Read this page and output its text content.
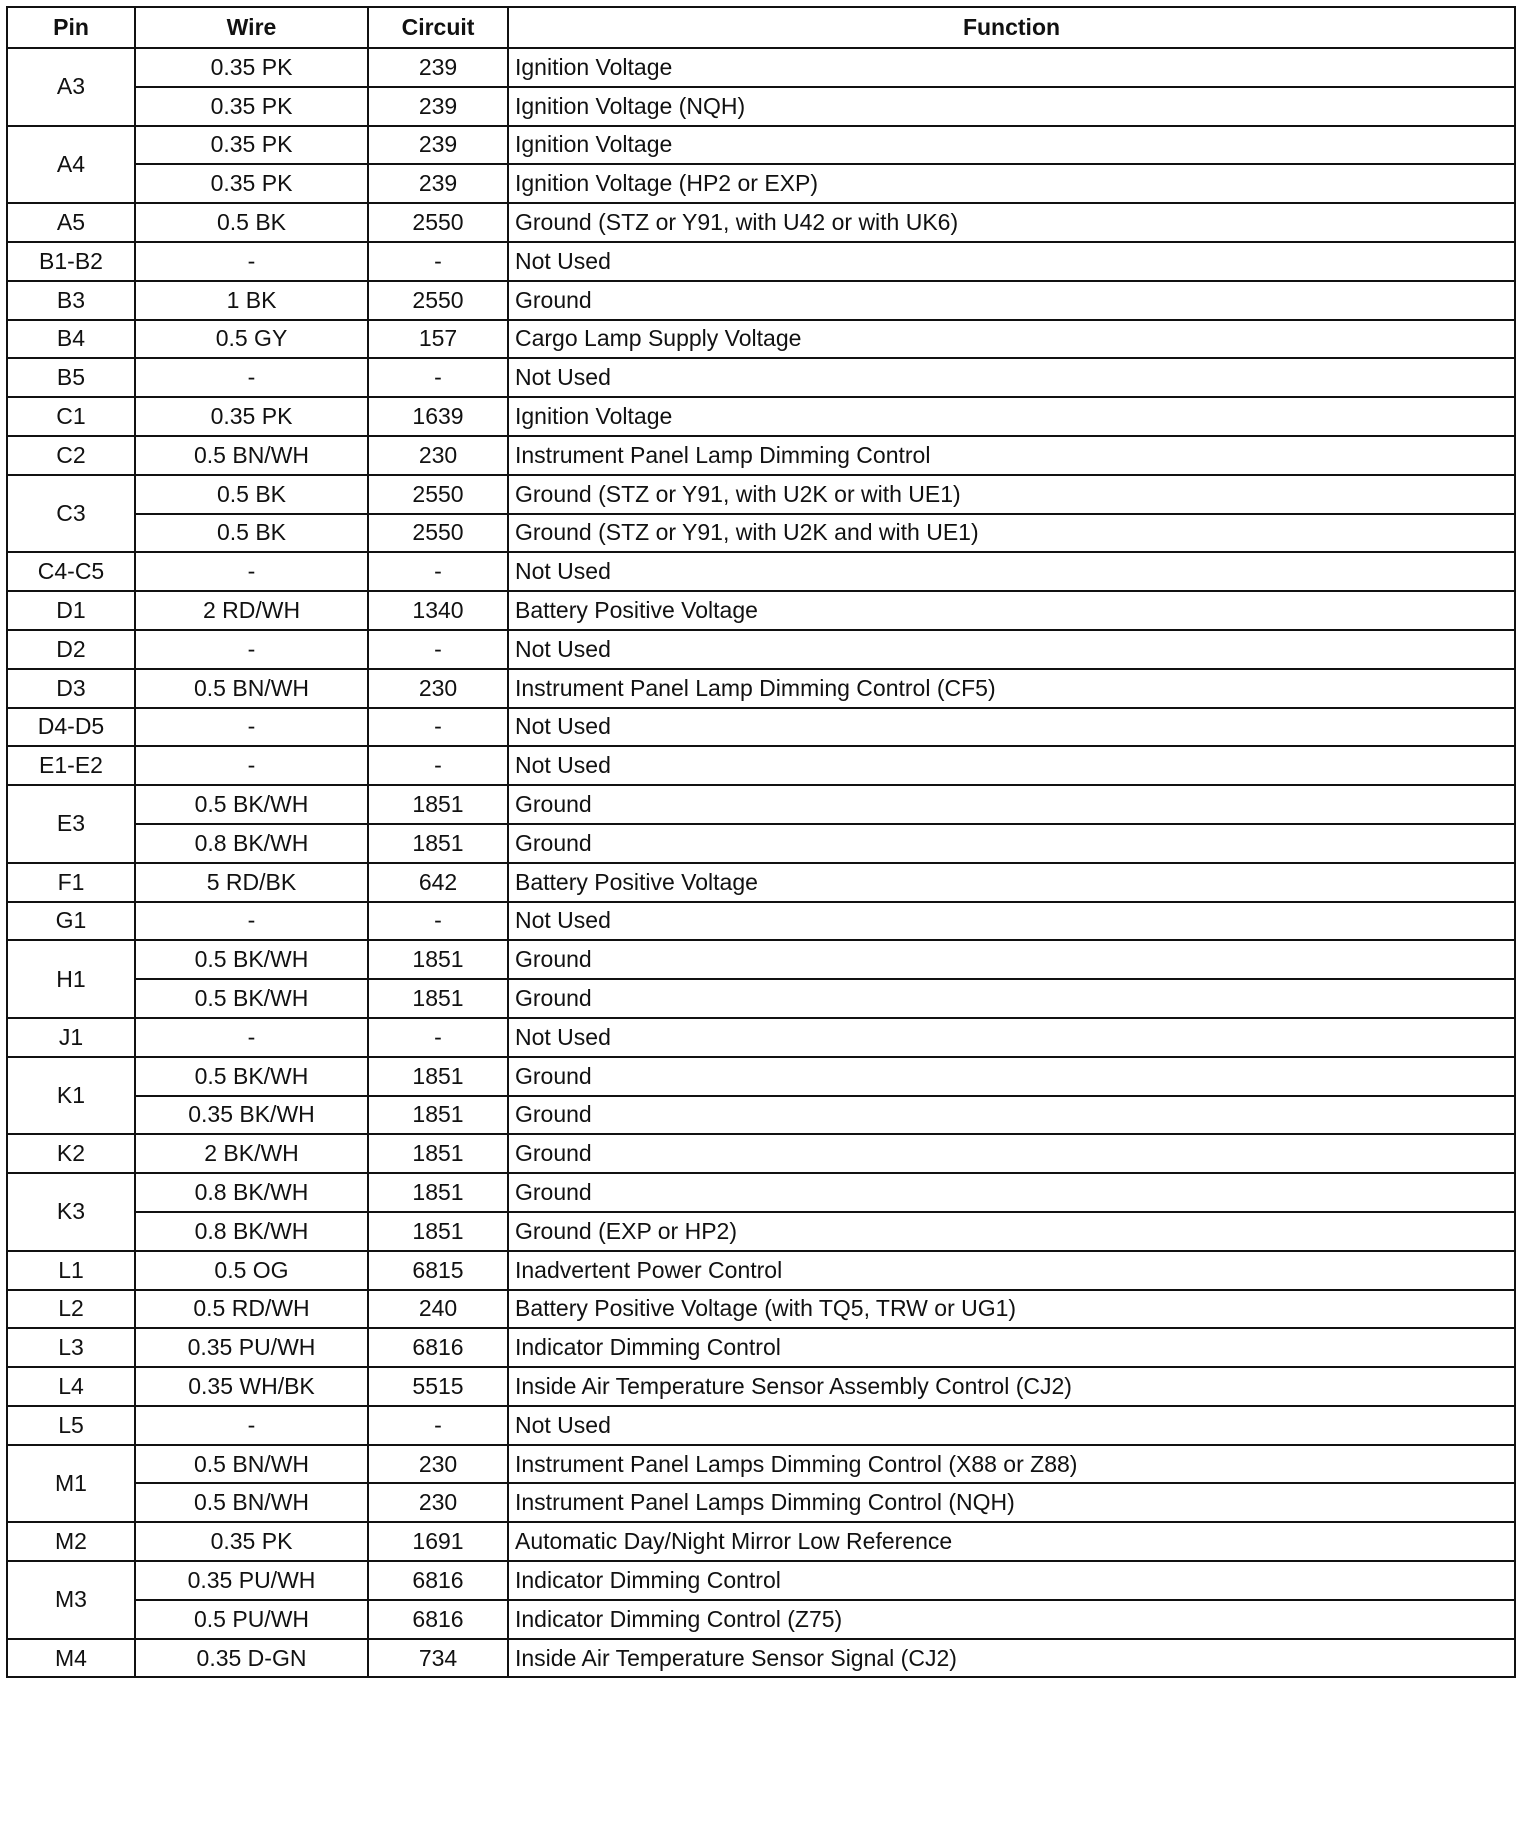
Pin	Wire	Circuit	Function
A3	0.35 PK	239	Ignition Voltage
	0.35 PK	239	Ignition Voltage (NQH)
A4	0.35 PK	239	Ignition Voltage
	0.35 PK	239	Ignition Voltage (HP2 or EXP)
A5	0.5 BK	2550	Ground (STZ or Y91, with U42 or with UK6)
B1-B2	-	-	Not Used
B3	1 BK	2550	Ground
B4	0.5 GY	157	Cargo Lamp Supply Voltage
B5	-	-	Not Used
C1	0.35 PK	1639	Ignition Voltage
C2	0.5 BN/WH	230	Instrument Panel Lamp Dimming Control
C3	0.5 BK	2550	Ground (STZ or Y91, with U2K or with UE1)
	0.5 BK	2550	Ground (STZ or Y91, with U2K and with UE1)
C4-C5	-	-	Not Used
D1	2 RD/WH	1340	Battery Positive Voltage
D2	-	-	Not Used
D3	0.5 BN/WH	230	Instrument Panel Lamp Dimming Control (CF5)
D4-D5	-	-	Not Used
E1-E2	-	-	Not Used
E3	0.5 BK/WH	1851	Ground
	0.8 BK/WH	1851	Ground
F1	5 RD/BK	642	Battery Positive Voltage
G1	-	-	Not Used
H1	0.5 BK/WH	1851	Ground
	0.5 BK/WH	1851	Ground
J1	-	-	Not Used
K1	0.5 BK/WH	1851	Ground
	0.35 BK/WH	1851	Ground
K2	2 BK/WH	1851	Ground
K3	0.8 BK/WH	1851	Ground
	0.8 BK/WH	1851	Ground (EXP or HP2)
L1	0.5 OG	6815	Inadvertent Power Control
L2	0.5 RD/WH	240	Battery Positive Voltage (with TQ5, TRW or UG1)
L3	0.35 PU/WH	6816	Indicator Dimming Control
L4	0.35 WH/BK	5515	Inside Air Temperature Sensor Assembly Control (CJ2)
L5	-	-	Not Used
M1	0.5 BN/WH	230	Instrument Panel Lamps Dimming Control (X88 or Z88)
	0.5 BN/WH	230	Instrument Panel Lamps Dimming Control (NQH)
M2	0.35 PK	1691	Automatic Day/Night Mirror Low Reference
M3	0.35 PU/WH	6816	Indicator Dimming Control
	0.5 PU/WH	6816	Indicator Dimming Control (Z75)
M4	0.35 D-GN	734	Inside Air Temperature Sensor Signal (CJ2)
